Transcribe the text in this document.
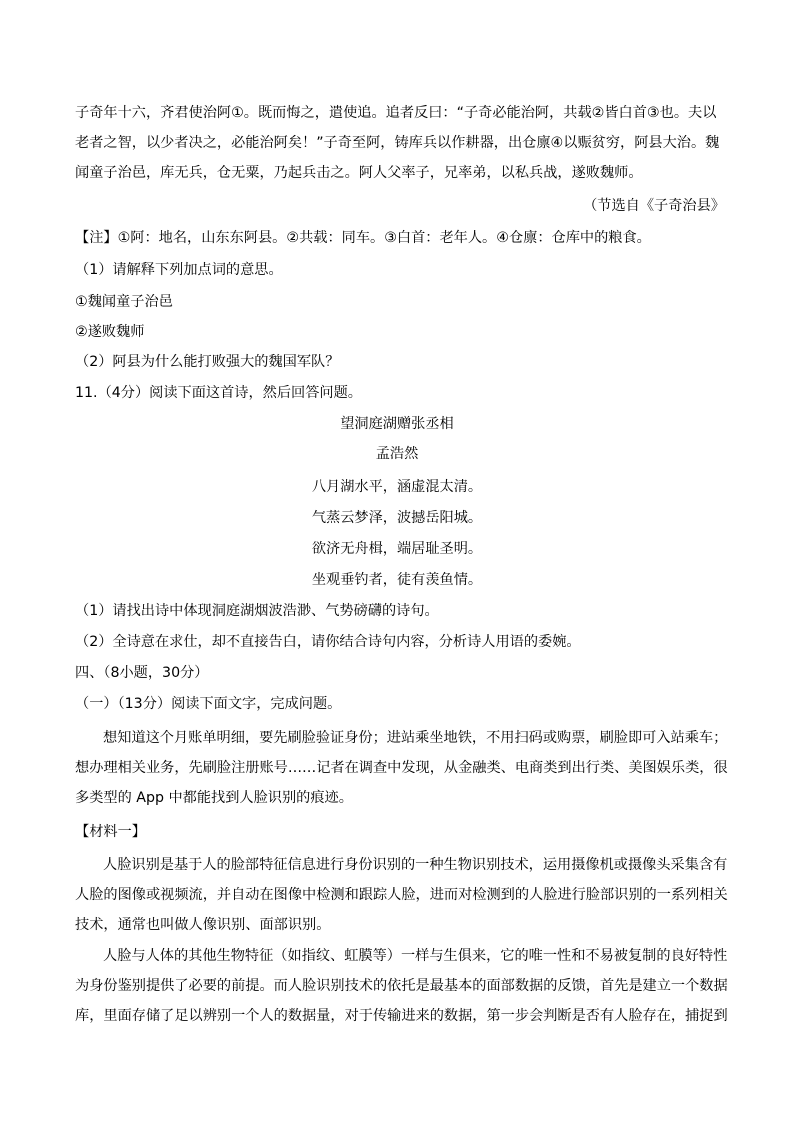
子奇年十六，齐君使治阿①。既而悔之，遣使追。追者反曰：“子奇必能治阿，共载②皆白首③也。夫以
老者之智，以少者决之，必能治阿矣！”子奇至阿，铸库兵以作耕器，出仓廪④以赈贫穷，阿县大治。魏
闻童子治邑，库无兵，仓无粟，乃起兵击之。阿人父率子，兄率弟，以私兵战，遂败魏师。
（节选自《子奇治县》
【注】①阿：地名，山东东阿县。②共载：同车。③白首：老年人。④仓廪：仓库中的粮食。
（1）请解释下列加点词的意思。
①魏闻童子治邑
②遂败魏师
（2）阿县为什么能打败强大的魏国军队？
11.（4分）阅读下面这首诗，然后回答问题。
望洞庭湖赠张丞相
孟浩然
八月湖水平，涵虚混太清。
气蒸云梦泽，波撼岳阳城。
欲济无舟楫，端居耻圣明。
坐观垂钓者，徒有羡鱼情。
（1）请找出诗中体现洞庭湖烟波浩渺、气势磅礴的诗句。
（2）全诗意在求仕，却不直接告白，请你结合诗句内容，分析诗人用语的委婉。
四、（8小题，30分）
（一）（13分）阅读下面文字，完成问题。
想知道这个月账单明细，要先刷脸验证身份；进站乘坐地铁，不用扫码或购票，刷脸即可入站乘车；
想办理相关业务，先刷脸注册账号……记者在调查中发现，从金融类、电商类到出行类、美图娱乐类，很
多类型的 App 中都能找到人脸识别的痕迹。
【材料一】
人脸识别是基于人的脸部特征信息进行身份识别的一种生物识别技术，运用摄像机或摄像头采集含有
人脸的图像或视频流，并自动在图像中检测和跟踪人脸，进而对检测到的人脸进行脸部识别的一系列相关
技术，通常也叫做人像识别、面部识别。
人脸与人体的其他生物特征（如指纹、虹膜等）一样与生俱来，它的唯一性和不易被复制的良好特性
为身份鉴别提供了必要的前提。而人脸识别技术的依托是最基本的面部数据的反馈，首先是建立一个数据
库，里面存储了足以辨别一个人的数据量，对于传输进来的数据，第一步会判断是否有人脸存在，捕捉到
